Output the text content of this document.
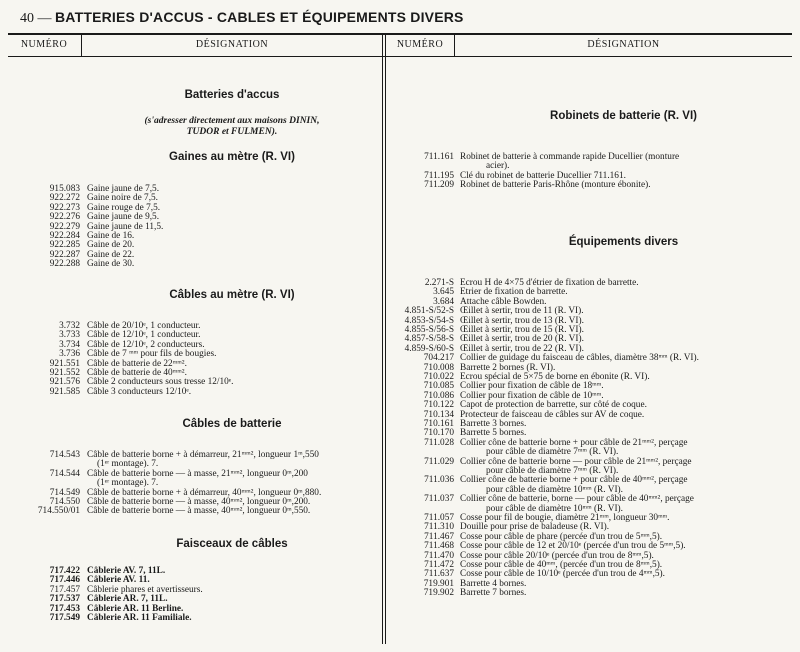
40 — BATTERIES D'ACCUS - CABLES ET ÉQUIPEMENTS DIVERS
NUMÉRO	DÉSIGNATION	NUMÉRO	DÉSIGNATION
Batteries d'accus
(s'adresser directement aux maisons DININ,
TUDOR et FULMEN).
Gaines au mètre (R. VI)
915.083 Gaine jaune de 7,5.
922.272 Gaine noire de 7,5.
922.273 Gaine rouge de 7,5.
922.276 Gaine jaune de 9,5.
922.279 Gaine jaune de 11,5.
922.284 Gaine de 16.
922.285 Gaine de 20.
922.287 Gaine de 22.
922.288 Gaine de 30.
Câbles au mètre (R. VI)
3.732 Câble de 20/10ᵉ, 1 conducteur.
3.733 Câble de 12/10ᵉ, 1 conducteur.
3.734 Câble de 12/10ᵉ, 2 conducteurs.
3.736 Câble de 7 ᵐᵐ pour fils de bougies.
921.551 Câble de batterie de 22ᵐᵐ².
921.552 Câble de batterie de 40ᵐᵐ².
921.576 Câble 2 conducteurs sous tresse 12/10ᵉ.
921.585 Câble 3 conducteurs 12/10ᵉ.
Câbles de batterie
714.543 Câble de batterie borne + à démarreur, 21ᵐᵐ², longueur 1ᵐ,550
(1ᵉʳ montage). 7.
714.544 Câble de batterie borne — à masse, 21ᵐᵐ², longueur 0ᵐ,200
(1ᵉʳ montage). 7.
714.549 Câble de batterie borne + à démarreur, 40ᵐᵐ², longueur 0ᵐ,880.
714.550 Câble de batterie borne — à masse, 40ᵐᵐ², longueur 0ᵐ,200.
714.550/01 Câble de batterie borne — à masse, 40ᵐᵐ², longueur 0ᵐ,550.
Faisceaux de câbles
717.422 Câblerie AV. 7, 11L.
717.446 Câblerie AV. 11.
717.457 Câblerie phares et avertisseurs.
717.537 Câblerie AR. 7, 11L.
717.453 Câblerie AR. 11 Berline.
717.549 Câblerie AR. 11 Familiale.
Robinets de batterie (R. VI)
711.161 Robinet de batterie à commande rapide Ducellier (monture
acier).
711.195 Clé du robinet de batterie Ducellier 711.161.
711.209 Robinet de batterie Paris-Rhône (monture ébonite).
Équipements divers
2.271-S Ecrou H de 4×75 d'étrier de fixation de barrette.
3.645 Etrier de fixation de barrette.
3.684 Attache câble Bowden.
4.851-S/52-S Œillet à sertir, trou de 11 (R. VI).
4.853-S/54-S Œillet à sertir, trou de 13 (R. VI).
4.855-S/56-S Œillet à sertir, trou de 15 (R. VI).
4.857-S/58-S Œillet à sertir, trou de 20 (R. VI).
4.859-S/60-S Œillet à sertir, trou de 22 (R. VI).
704.217 Collier de guidage du faisceau de câbles, diamètre 38ᵐᵐ (R. VI).
710.008 Barrette 2 bornes (R. VI).
710.022 Ecrou spécial de 5×75 de borne en ébonite (R. VI).
710.085 Collier pour fixation de câble de 18ᵐᵐ.
710.086 Collier pour fixation de câble de 10ᵐᵐ.
710.122 Capot de protection de barrette, sur côté de coque.
710.134 Protecteur de faisceau de câbles sur AV de coque.
710.161 Barrette 3 bornes.
710.170 Barrette 5 bornes.
711.028 Collier cône de batterie borne + pour câble de 21ᵐᵐ², perçage
pour câble de diamètre 7ᵐᵐ (R. VI).
711.029 Collier cône de batterie borne — pour câble de 21ᵐᵐ², perçage
pour câble de diamètre 7ᵐᵐ (R. VI).
711.036 Collier cône de batterie borne + pour câble de 40ᵐᵐ², perçage
pour câble de diamètre 10ᵐᵐ (R. VI).
711.037 Collier cône de batterie, borne — pour câble de 40ᵐᵐ², perçage
pour câble de diamètre 10ᵐᵐ (R. VI).
711.057 Cosse pour fil de bougie, diamètre 21ᵐᵐ, longueur 30ᵐᵐ.
711.310 Douille pour prise de baladeuse (R. VI).
711.467 Cosse pour câble de phare (percée d'un trou de 5ᵐᵐ,5).
711.468 Cosse pour câble de 12 et 20/10ᵉ (percée d'un trou de 5ᵐᵐ,5).
711.470 Cosse pour câble 20/10ᵉ (percée d'un trou de 8ᵐᵐ,5).
711.472 Cosse pour câble de 40ᵐᵐ, (percée d'un trou de 8ᵐᵐ,5).
711.637 Cosse pour câble de 10/10ᵉ (percée d'un trou de 4ᵐᵐ,5).
719.901 Barrette 4 bornes.
719.902 Barrette 7 bornes.
